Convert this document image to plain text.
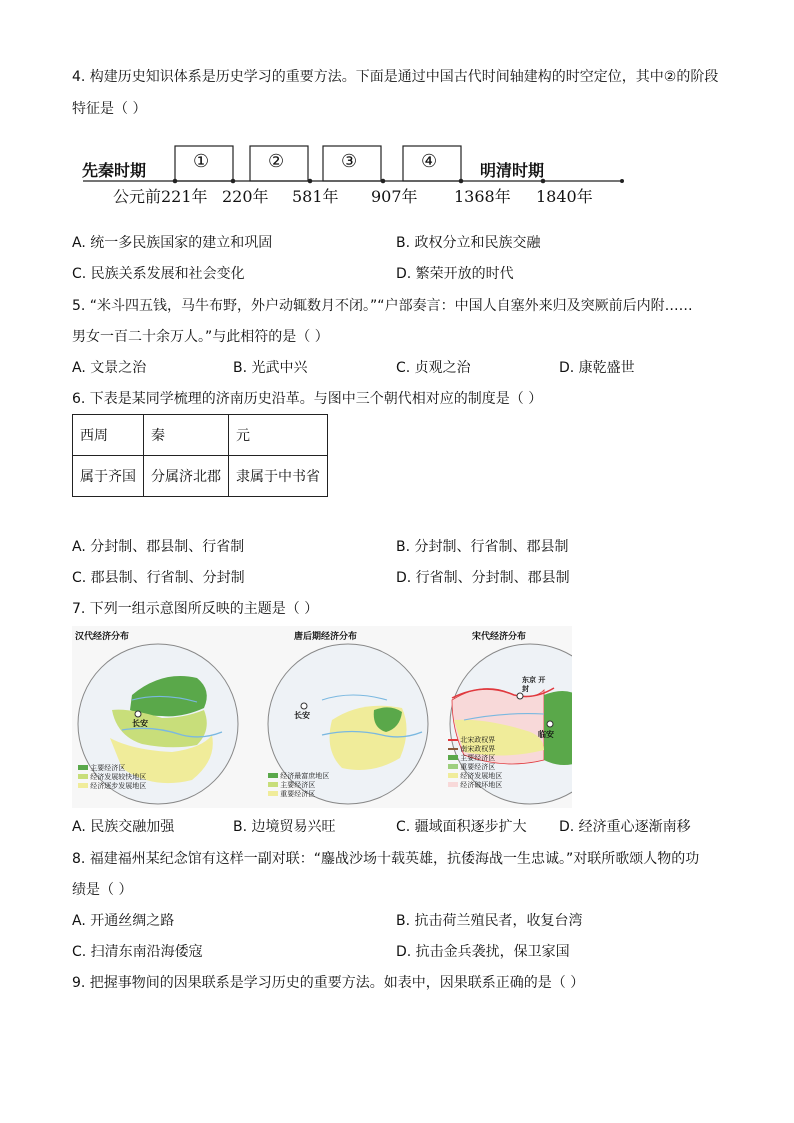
4. 构建历史知识体系是历史学习的重要方法。下面是通过中国古代时间轴建构的时空定位，其中②的阶段
特征是（ ）
先秦时期	明清时期
①	②	③	④
公元前221年 220年 581年 907年 1368年 1840年
A. 统一多民族国家的建立和巩固	B. 政权分立和民族交融
C. 民族关系发展和社会变化	D. 繁荣开放的时代
5. “米斗四五钱，马牛布野，外户动辄数月不闭。”“户部奏言：中国人自塞外来归及突厥前后内附……
男女一百二十余万人。”与此相符的是（ ）
A. 文景之治	B. 光武中兴	C. 贞观之治	D. 康乾盛世
6. 下表是某同学梳理的济南历史沿革。与图中三个朝代相对应的制度是（ ）
西周	秦	元
属于齐国	分属济北郡	隶属于中书省
A. 分封制、郡县制、行省制	B. 分封制、行省制、郡县制
C. 郡县制、行省制、分封制	D. 行省制、分封制、郡县制
7. 下列一组示意图所反映的主题是（ ）
汉代经济分布
长安
主要经济区
经济发展较快地区
经济逐步发展地区
唐后期经济分布
长安
经济最富庶地区
主要经济区
重要经济区
宋代经济分布
东京 开封
临安
北宋政权界
南宋政权界
主要经济区
重要经济区
经济发展地区
经济破坏地区
A. 民族交融加强	B. 边境贸易兴旺	C. 疆域面积逐步扩大 D. 经济重心逐渐南移
8. 福建福州某纪念馆有这样一副对联：“鏖战沙场十载英雄，抗倭海战一生忠诚。”对联所歌颂人物的功
绩是（ ）
A. 开通丝绸之路	B. 抗击荷兰殖民者，收复台湾
C. 扫清东南沿海倭寇	D. 抗击金兵袭扰，保卫家国
9. 把握事物间的因果联系是学习历史的重要方法。如表中，因果联系正确的是（ ）
